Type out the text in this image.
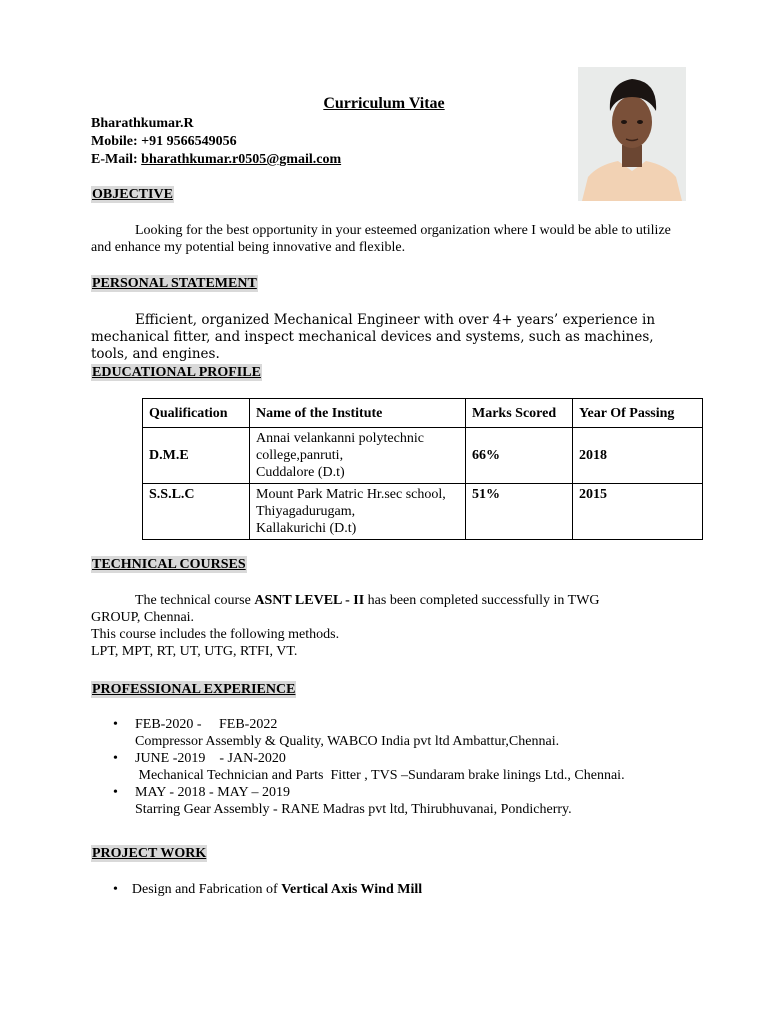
Curriculum Vitae
Bharathkumar.R
Mobile: +91 9566549056
E-Mail: bharathkumar.r0505@gmail.com
OBJECTIVE
Looking for the best opportunity in your esteemed organization where I would be able to utilize and enhance my potential being innovative and flexible.
PERSONAL STATEMENT
Efficient, organized Mechanical Engineer with over 4+ years’ experience in mechanical fitter, and inspect mechanical devices and systems, such as machines, tools, and engines.
EDUCATIONAL PROFILE
Qualification	Name of the Institute	Marks Scored	Year Of Passing
D.M.E	Annai velankanni polytechnic
college,panruti,
Cuddalore (D.t)	66%	2018
S.S.L.C	Mount Park Matric Hr.sec school,
Thiyagadurugam,
Kallakurichi (D.t)	51%	2015
TECHNICAL COURSES
The technical course ASNT LEVEL - II has been completed successfully in TWG
GROUP, Chennai.
This course includes the following methods.
LPT, MPT, RT, UT, UTG, RTFI, VT.
PROFESSIONAL EXPERIENCE
• FEB-2020 -     FEB-2022
Compressor Assembly & Quality, WABCO India pvt ltd Ambattur,Chennai.
• JUNE -2019    - JAN-2020
Mechanical Technician and Parts  Fitter , TVS –Sundaram brake linings Ltd., Chennai.
• MAY - 2018 - MAY – 2019
Starring Gear Assembly - RANE Madras pvt ltd, Thirubhuvanai, Pondicherry.
PROJECT WORK
• Design and Fabrication of Vertical Axis Wind Mill
